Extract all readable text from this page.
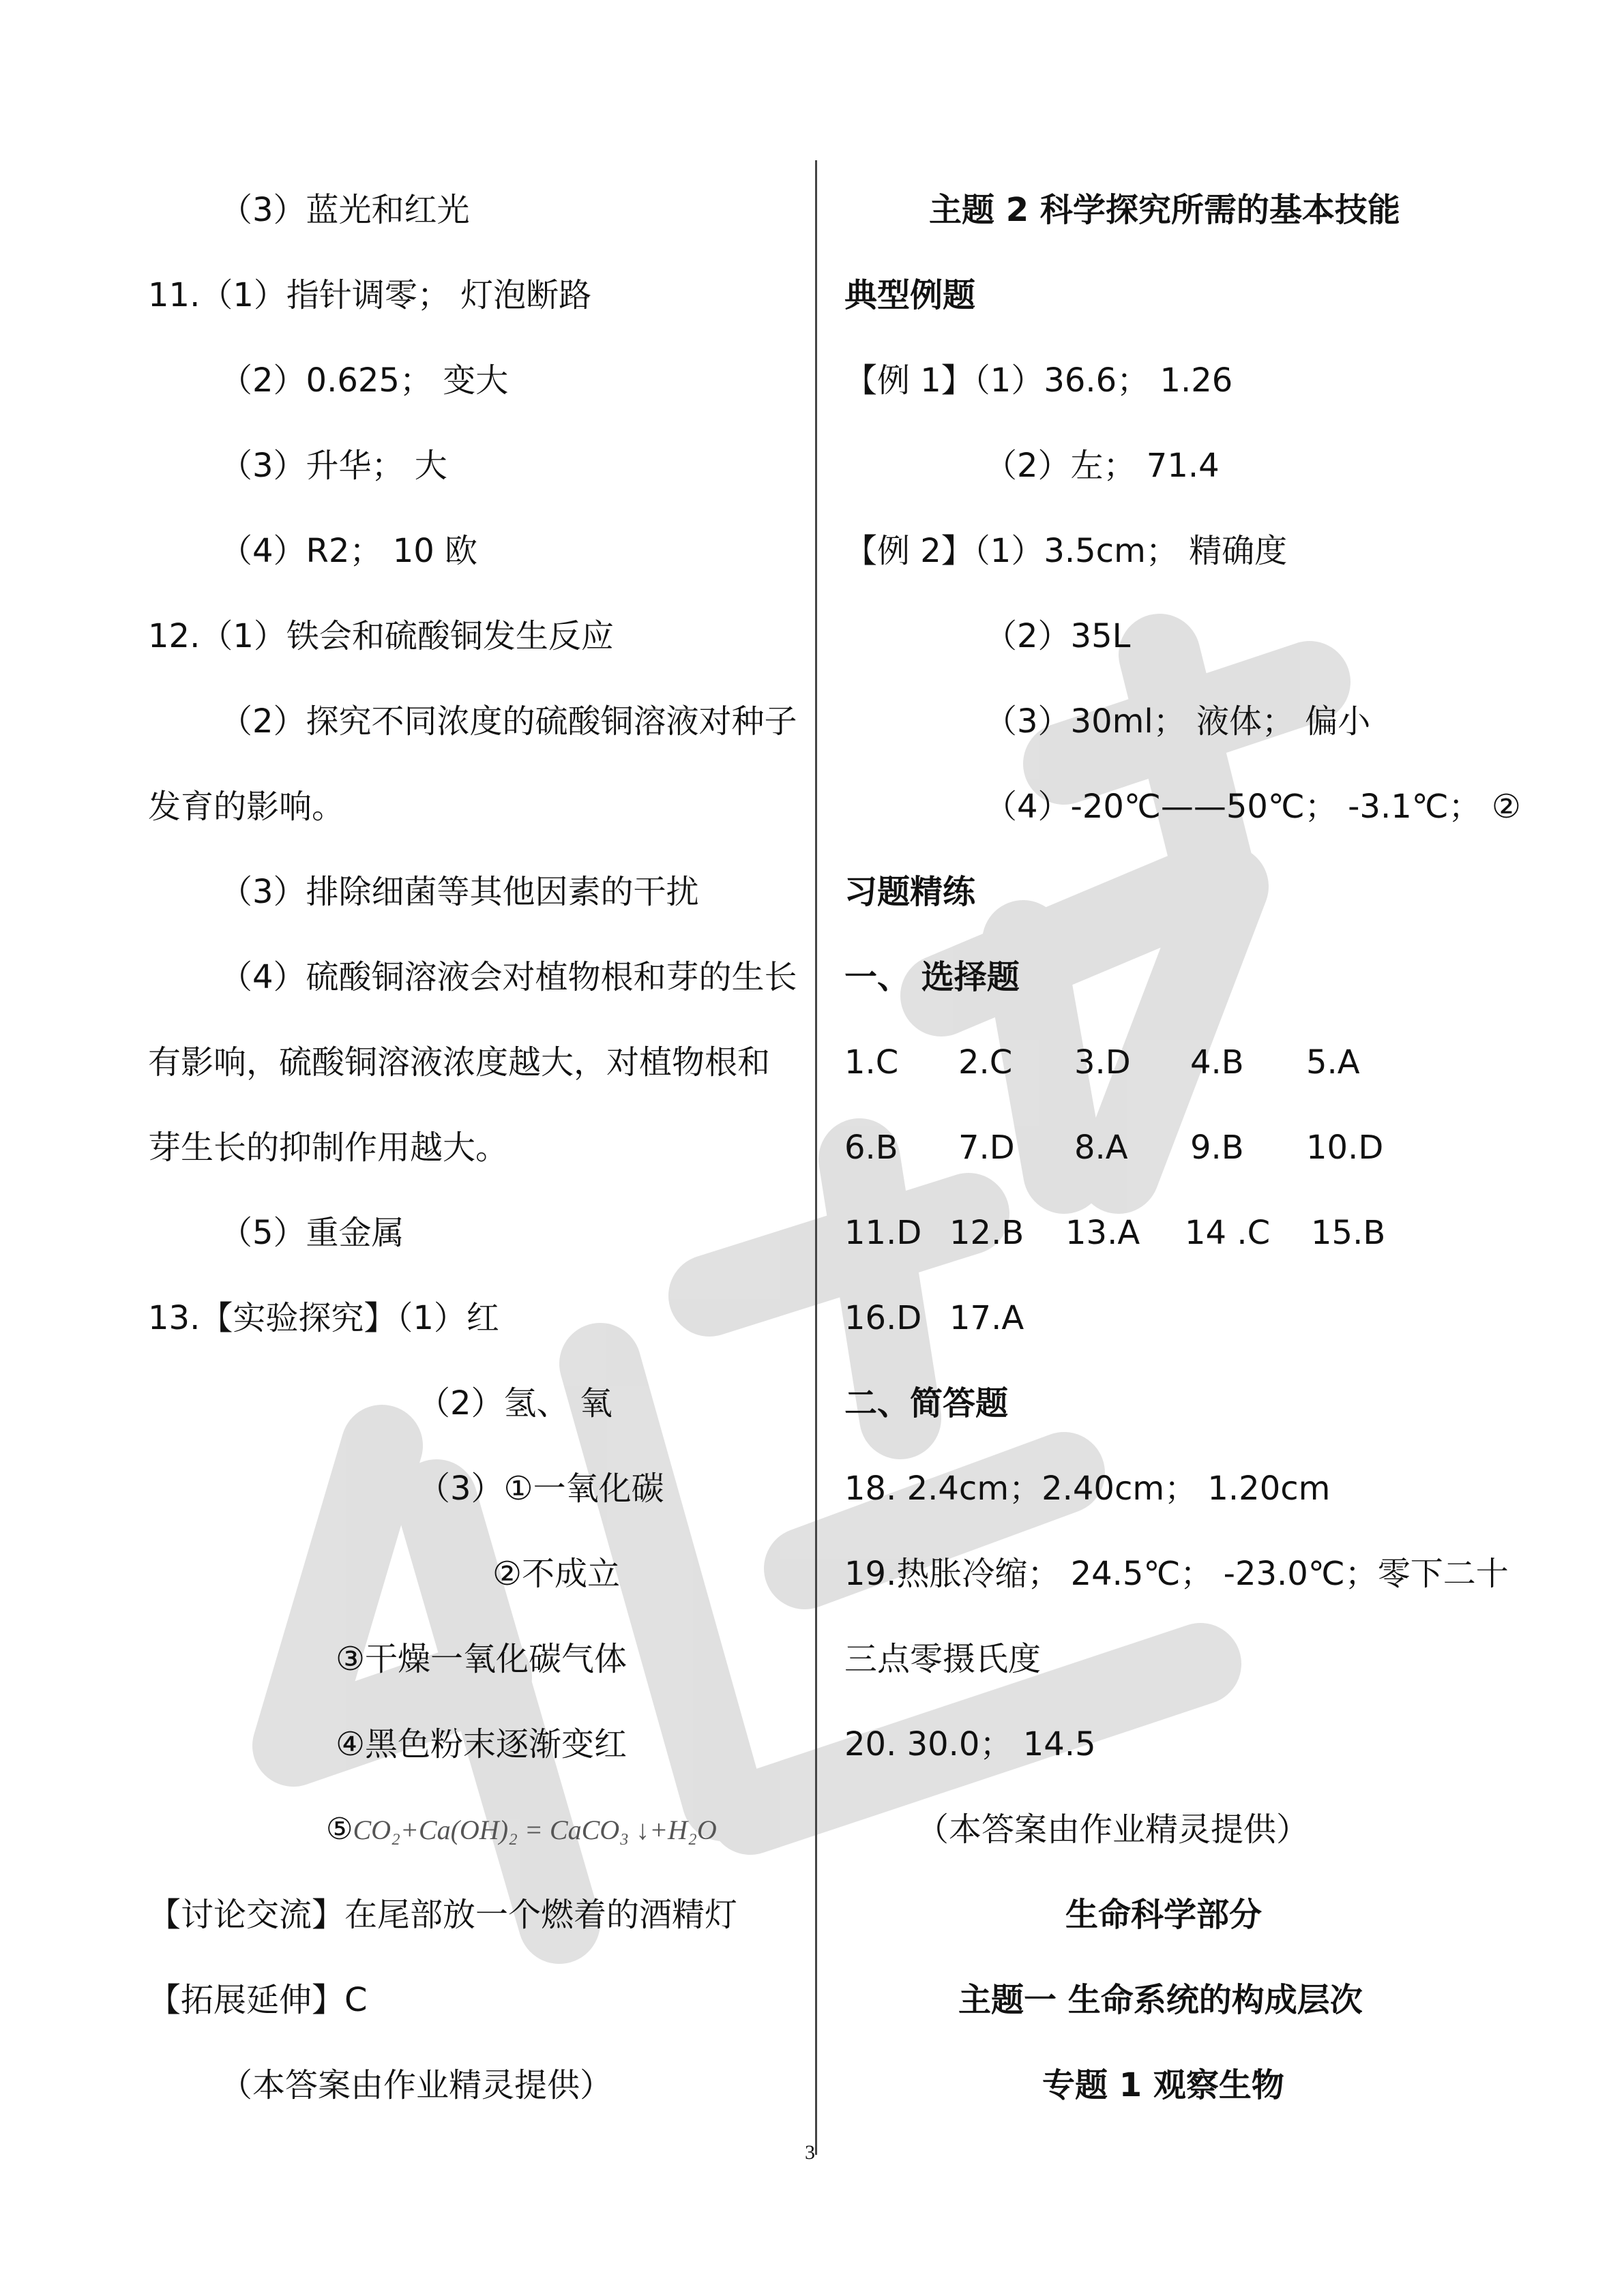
（3）蓝光和红光
11.（1）指针调零； 灯泡断路
（2）0.625； 变大
（3）升华； 大
（4）R2； 10 欧
12.（1）铁会和硫酸铜发生反应
（2）探究不同浓度的硫酸铜溶液对种子
发育的影响。
（3）排除细菌等其他因素的干扰
（4）硫酸铜溶液会对植物根和芽的生长
有影响，硫酸铜溶液浓度越大，对植物根和
芽生长的抑制作用越大。
（5）重金属
13.【实验探究】（1）红
（2）氢、 氧
（3）①一氧化碳
②不成立
③干燥一氧化碳气体
④黑色粉末逐渐变红
⑤CO₂+Ca(OH)₂ = CaCO₃ ↓+H₂O
【讨论交流】在尾部放一个燃着的酒精灯
【拓展延伸】C
（本答案由作业精灵提供）
主题 2 科学探究所需的基本技能
典型例题
【例 1】（1）36.6； 1.26
（2）左； 71.4
【例 2】（1）3.5cm； 精确度
（2）35L
（3）30ml； 液体； 偏小
（4）-20℃——50℃； -3.1℃； ②
习题精练
一、 选择题
1.C 2.C 3.D 4.B 5.A
6.B 7.D 8.A 9.B 10.D
11.D 12.B 13.A 14 .C 15.B
16.D 17.A
二、简答题
18. 2.4cm；2.40cm； 1.20cm
19.热胀冷缩； 24.5℃； -23.0℃；零下二十
三点零摄氏度
20. 30.0； 14.5
（本答案由作业精灵提供）
生命科学部分
主题一 生命系统的构成层次
专题 1 观察生物
3
